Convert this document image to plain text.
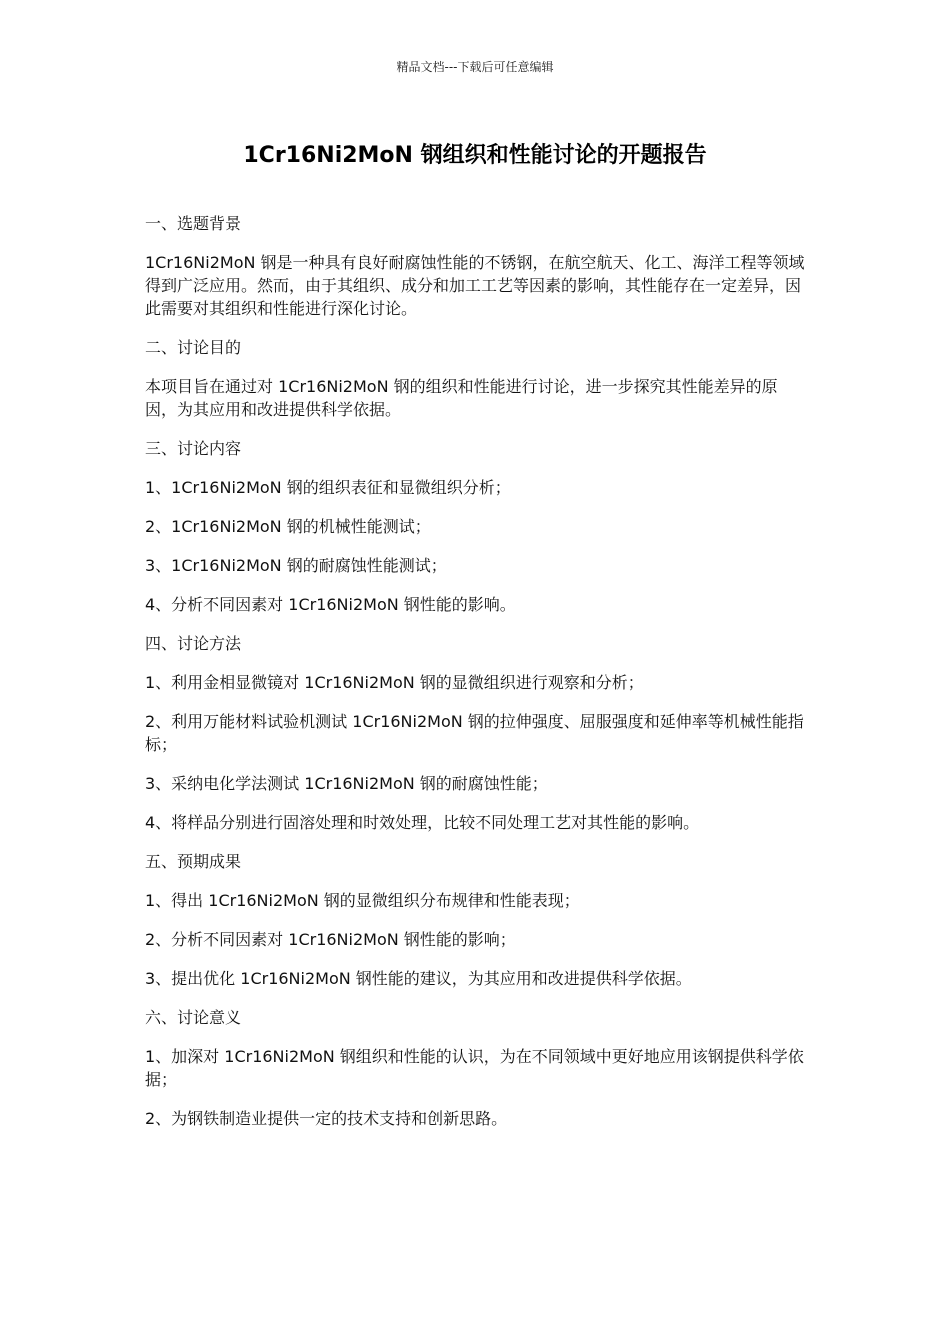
精品文档---下载后可任意编辑
1Cr16Ni2MoN 钢组织和性能讨论的开题报告

一、选题背景

1Cr16Ni2MoN 钢是一种具有良好耐腐蚀性能的不锈钢，在航空航天、化工、海洋工程等领域得到广泛应用。然而，由于其组织、成分和加工工艺等因素的影响，其性能存在一定差异，因此需要对其组织和性能进行深化讨论。

二、讨论目的

本项目旨在通过对 1Cr16Ni2MoN 钢的组织和性能进行讨论，进一步探究其性能差异的原因，为其应用和改进提供科学依据。

三、讨论内容

1、1Cr16Ni2MoN 钢的组织表征和显微组织分析；

2、1Cr16Ni2MoN 钢的机械性能测试；

3、1Cr16Ni2MoN 钢的耐腐蚀性能测试；

4、分析不同因素对 1Cr16Ni2MoN 钢性能的影响。

四、讨论方法

1、利用金相显微镜对 1Cr16Ni2MoN 钢的显微组织进行观察和分析；

2、利用万能材料试验机测试 1Cr16Ni2MoN 钢的拉伸强度、屈服强度和延伸率等机械性能指标；

3、采纳电化学法测试 1Cr16Ni2MoN 钢的耐腐蚀性能；

4、将样品分别进行固溶处理和时效处理，比较不同处理工艺对其性能的影响。

五、预期成果

1、得出 1Cr16Ni2MoN 钢的显微组织分布规律和性能表现；

2、分析不同因素对 1Cr16Ni2MoN 钢性能的影响；

3、提出优化 1Cr16Ni2MoN 钢性能的建议，为其应用和改进提供科学依据。

六、讨论意义

1、加深对 1Cr16Ni2MoN 钢组织和性能的认识，为在不同领域中更好地应用该钢提供科学依据；

2、为钢铁制造业提供一定的技术支持和创新思路。
